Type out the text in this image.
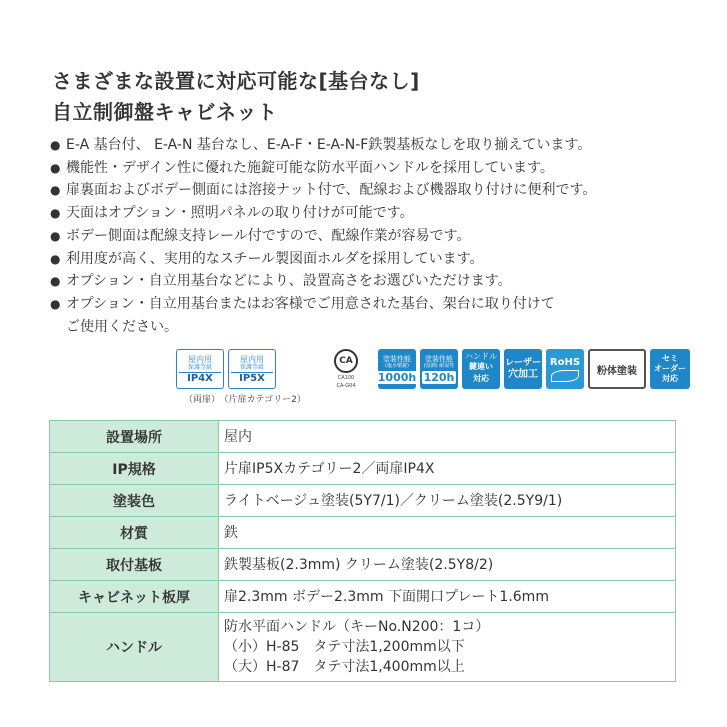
さまざまな設置に対応可能な[基台なし]
自立制御盤キャビネット
● E-A 基台付、 E-A-N 基台なし、E-A-F・E-A-N-F鉄製基板なしを取り揃えています。
● 機能性・デザイン性に優れた施錠可能な防水平面ハンドルを採用しています。
● 扉裏面およびボデー側面には溶接ナット付で、配線および機器取り付けに便利です。
● 天面はオプション・照明パネルの取り付けが可能です。
● ボデー側面は配線支持レール付ですので、配線作業が容易です。
● 利用度が高く、実用的なスチール製図面ホルダを採用しています。
● オプション・自立用基台などにより、設置高さをお選びいただけます。
● オプション・自立用基台またはお客様でご用意された基台、架台に取り付けて
ご使用ください。
屋内用
保護等級
IP4X
屋内用
保護等級
IP5X
CA
CA100
CA-G04
塗装性能
(塩水噴霧)
1000h
塗装性能
(湿潤) 耐湿性
120h
ハンドル
鍵違い
対応
レーザー
穴加工
RoHS
粉体塗装
セミ
オーダー
対応
（両扉） （片扉カテゴリー2）
設置場所	屋内
IP規格	片扉IP5Xカテゴリー2／両扉IP4X
塗装色	ライトベージュ塗装(5Y7/1)／クリーム塗装(2.5Y9/1)
材質	鉄
取付基板	鉄製基板(2.3mm) クリーム塗装(2.5Y8/2)
キャビネット板厚	扉2.3mm ボデー2.3mm 下面開口プレート1.6mm
ハンドル	防水平面ハンドル（キーNo.N200：1コ）
（小）H-85　タテ寸法1,200mm以下
（大）H-87　タテ寸法1,400mm以上
